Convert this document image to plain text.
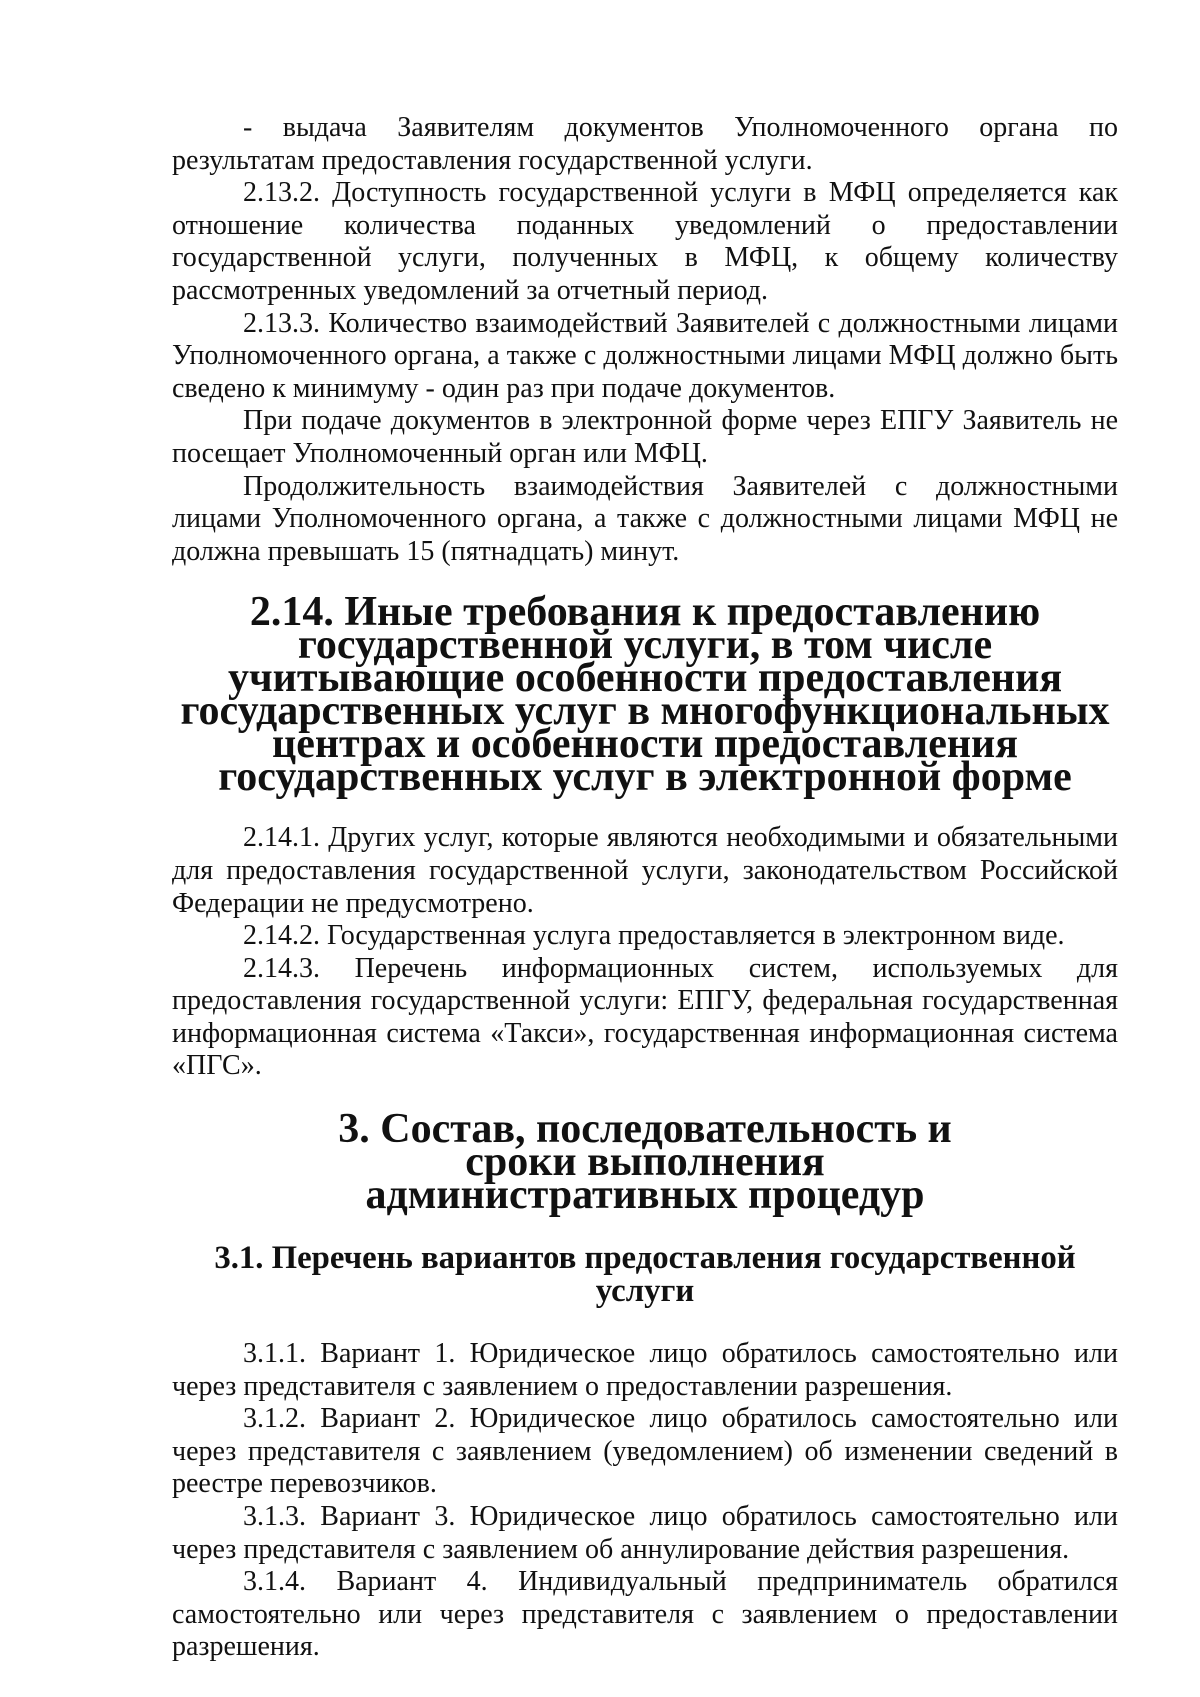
- выдача Заявителям документов Уполномоченного органа по результатам предоставления государственной услуги.

2.13.2. Доступность государственной услуги в МФЦ определяется как отношение количества поданных уведомлений о предоставлении государственной услуги, полученных в МФЦ, к общему количеству рассмотренных уведомлений за отчетный период.

2.13.3. Количество взаимодействий Заявителей с должностными лицами Уполномоченного органа, а также с должностными лицами МФЦ должно быть сведено к минимуму - один раз при подаче документов.

При подаче документов в электронной форме через ЕПГУ Заявитель не посещает Уполномоченный орган или МФЦ.

Продолжительность взаимодействия Заявителей с должностными лицами Уполномоченного органа, а также с должностными лицами МФЦ не должна превышать 15 (пятнадцать) минут.

2.14. Иные требования к предоставлению государственной услуги, в том числе учитывающие особенности предоставления государственных услуг в многофункциональных центрах и особенности предоставления государственных услуг в электронной форме

2.14.1. Других услуг, которые являются необходимыми и обязательными для предоставления государственной услуги, законодательством Российской Федерации не предусмотрено.

2.14.2. Государственная услуга предоставляется в электронном виде.

2.14.3. Перечень информационных систем, используемых для предоставления государственной услуги: ЕПГУ, федеральная государственная информационная система «Такси», государственная информационная система «ПГС».

3. Состав, последовательность и сроки выполнения административных процедур
3.1. Перечень вариантов предоставления государственной услуги

3.1.1. Вариант 1. Юридическое лицо обратилось самостоятельно или через представителя с заявлением о предоставлении разрешения.

3.1.2. Вариант 2. Юридическое лицо обратилось самостоятельно или через представителя с заявлением (уведомлением) об изменении сведений в реестре перевозчиков.

3.1.3. Вариант 3. Юридическое лицо обратилось самостоятельно или через представителя с заявлением об аннулирование действия разрешения.

3.1.4. Вариант 4. Индивидуальный предприниматель обратился самостоятельно или через представителя с заявлением о предоставлении разрешения.
